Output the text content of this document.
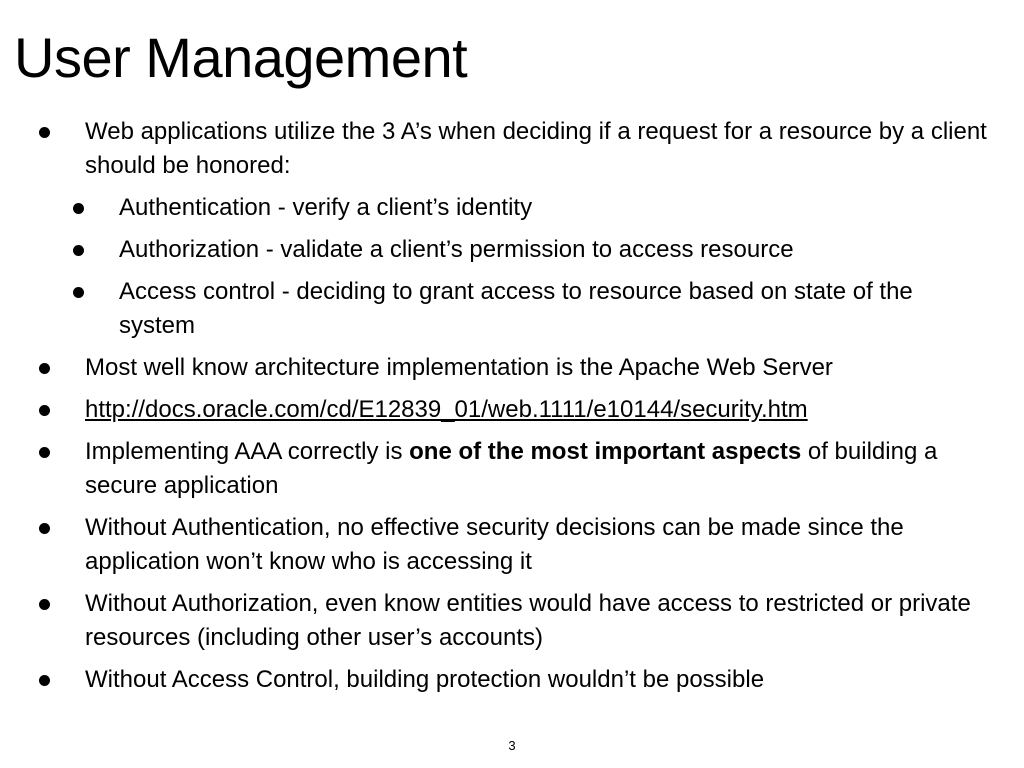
User Management
Web applications utilize the 3 A’s when deciding if a request for a resource by a client should be honored:
Authentication - verify a client’s identity
Authorization - validate a client’s permission to access resource
Access control - deciding to grant access to resource based on state of the system
Most well know architecture implementation is the Apache Web Server
http://docs.oracle.com/cd/E12839_01/web.1111/e10144/security.htm
Implementing AAA correctly is one of the most important aspects of building a secure application
Without Authentication, no effective security decisions can be made since the application won’t know who is accessing it
Without Authorization, even know entities would have access to restricted or private resources (including other user’s accounts)
Without Access Control, building protection wouldn’t be possible
3
